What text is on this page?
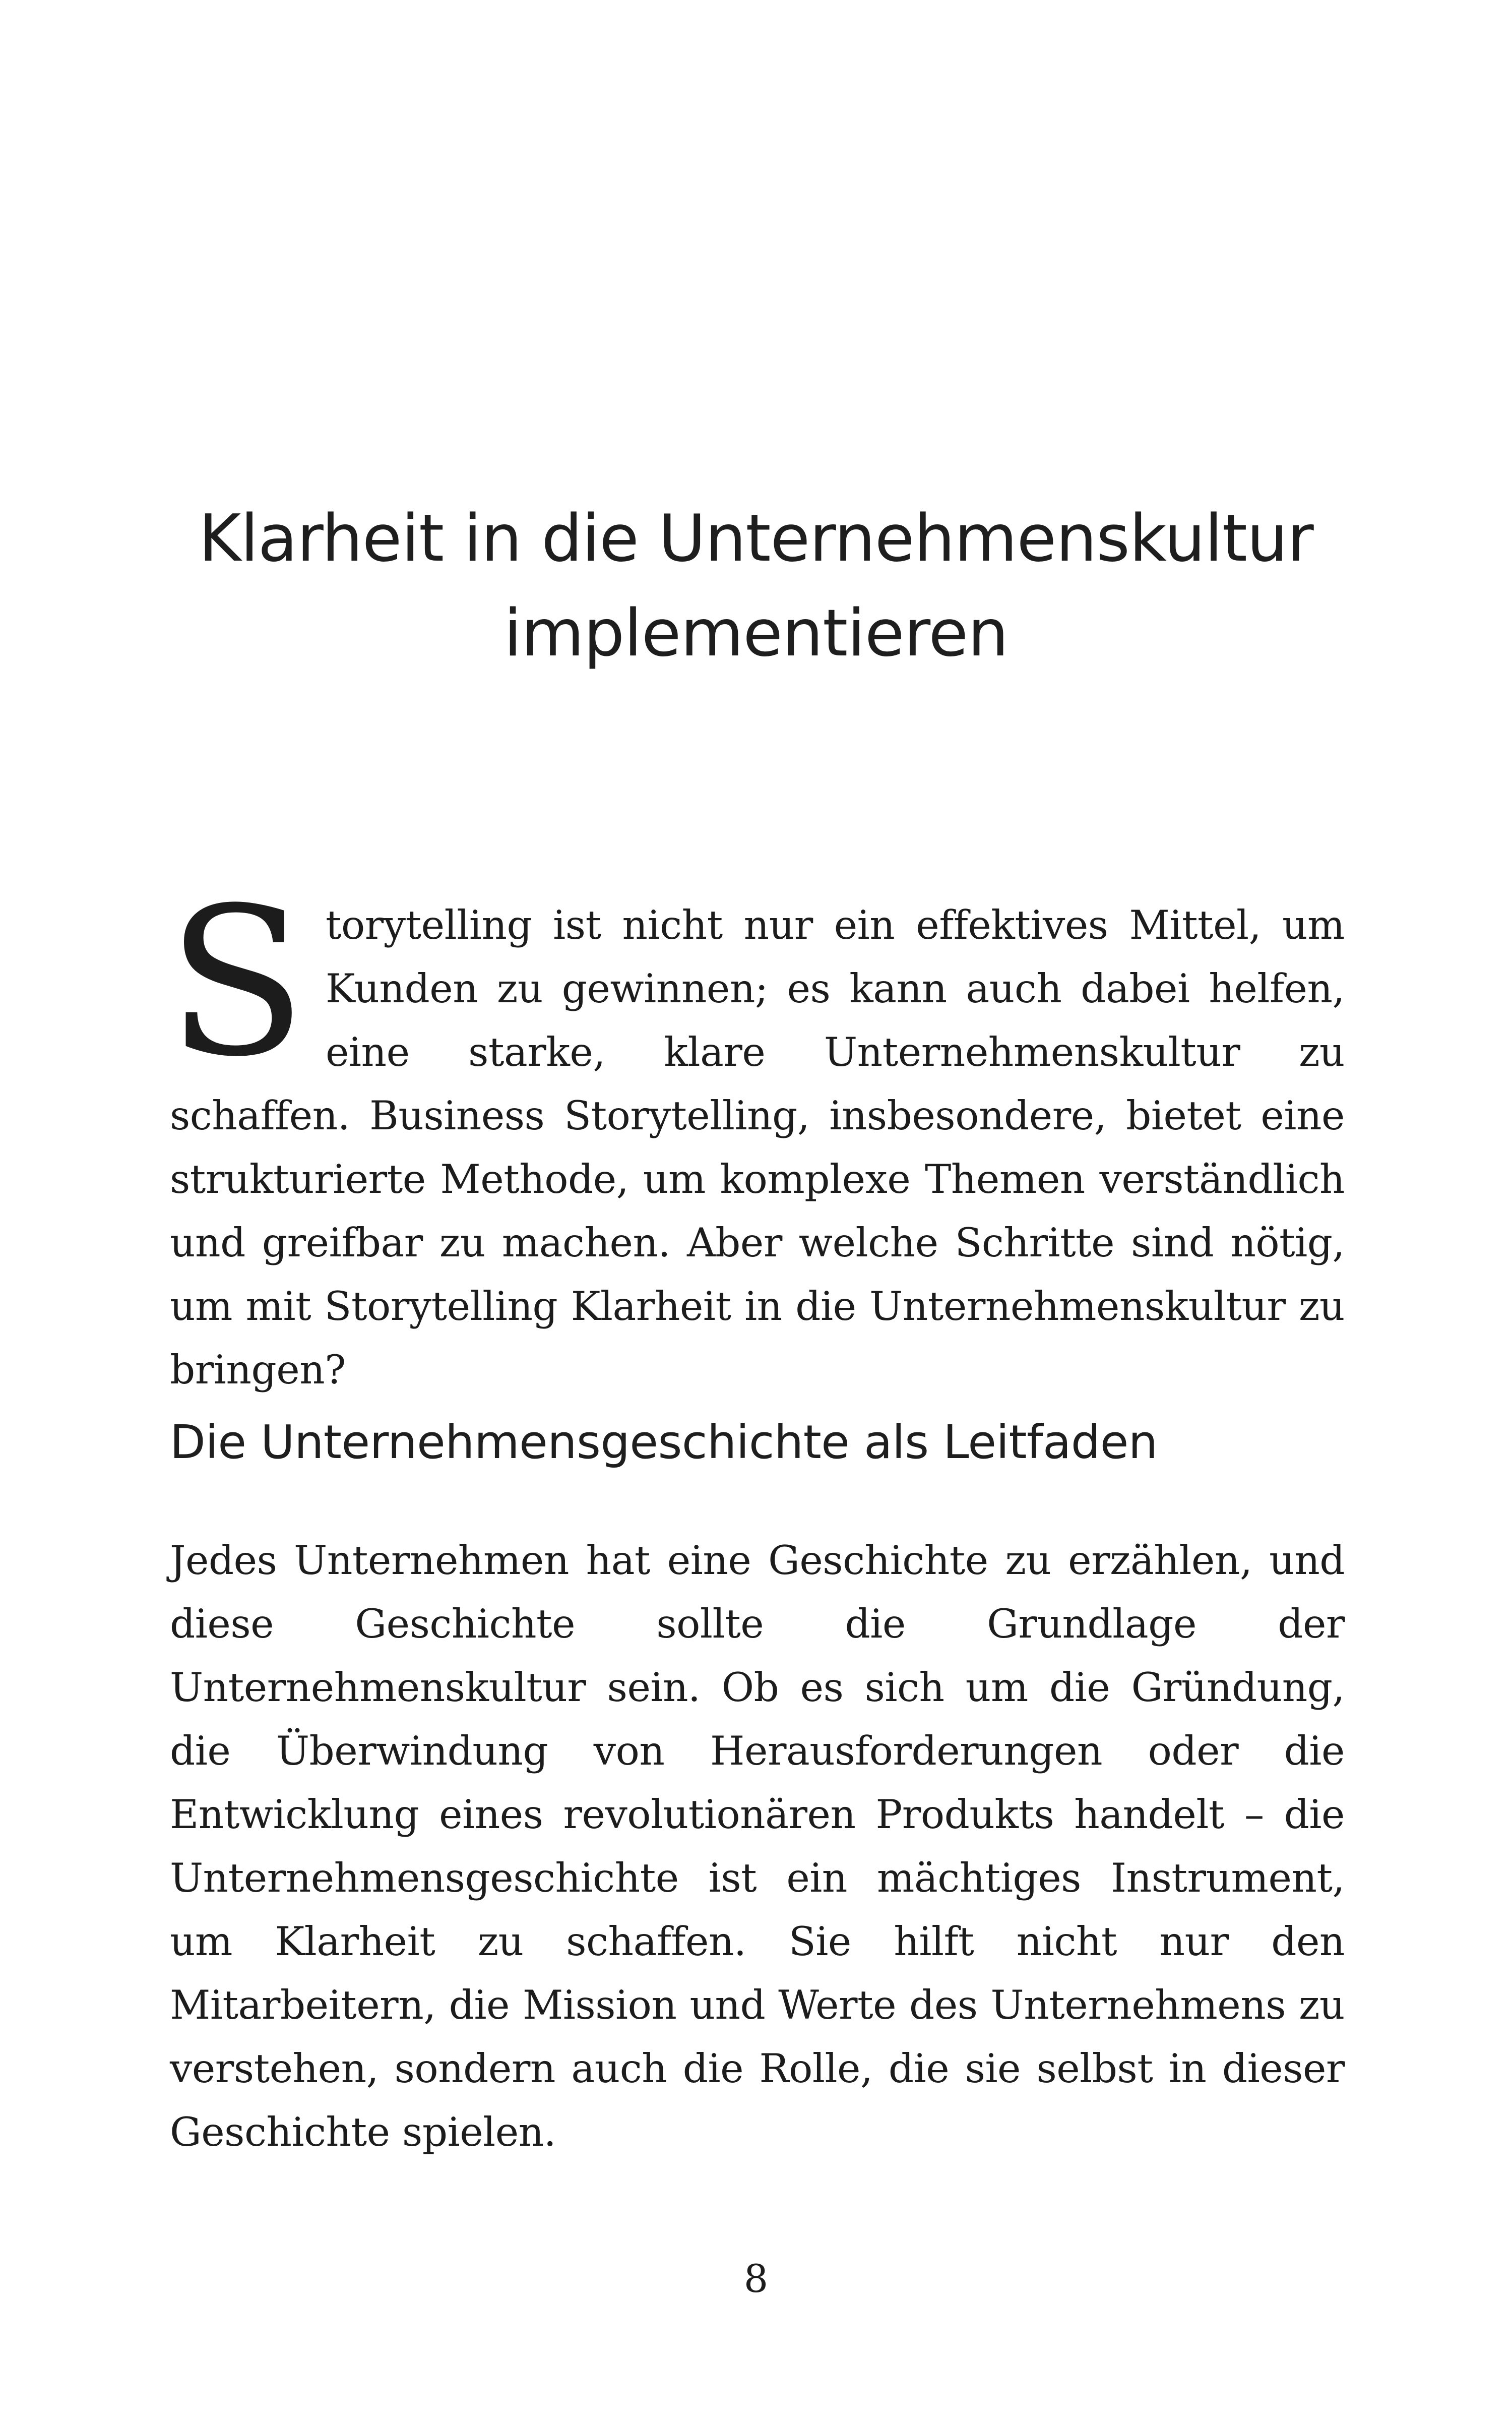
Klarheit in die Unternehmenskultur
implementieren

Storytelling ist nicht nur ein effektives Mittel, um Kunden zu gewinnen; es kann auch dabei helfen, eine starke, klare Unternehmenskultur zu schaffen. Business Storytelling, insbesondere, bietet eine strukturierte Methode, um komplexe Themen verständlich und greifbar zu machen. Aber welche Schritte sind nötig, um mit Storytelling Klarheit in die Unternehmenskultur zu bringen?

Die Unternehmensgeschichte als Leitfaden

Jedes Unternehmen hat eine Geschichte zu erzählen, und diese Geschichte sollte die Grundlage der Unternehmenskultur sein. Ob es sich um die Gründung, die Überwindung von Herausforderungen oder die Entwicklung eines revolutionären Produkts handelt – die Unternehmensgeschichte ist ein mächtiges Instrument, um Klarheit zu schaffen. Sie hilft nicht nur den Mitarbeitern, die Mission und Werte des Unternehmens zu verstehen, sondern auch die Rolle, die sie selbst in dieser Geschichte spielen.

8
